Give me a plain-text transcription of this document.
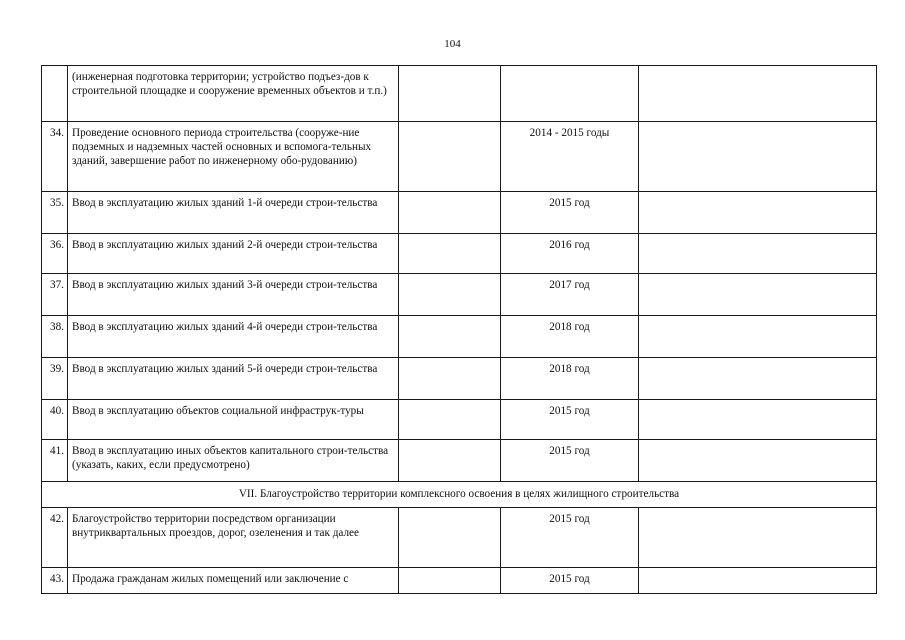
104
	(инженерная подготовка территории; устройство подъез-дов к строительной площадке и сооружение временных объектов и т.п.)			
34.	Проведение основного периода строительства (сооруже-ние подземных и надземных частей основных и вспомога-тельных зданий, завершение работ по инженерному обо-рудованию)		2014 - 2015 годы	
35.	Ввод в эксплуатацию жилых зданий 1-й очереди строи-тельства		2015 год	
36.	Ввод в эксплуатацию жилых зданий 2-й очереди строи-тельства		2016 год	
37.	Ввод в эксплуатацию жилых зданий 3-й очереди строи-тельства		2017 год	
38.	Ввод в эксплуатацию жилых зданий 4-й очереди строи-тельства		2018 год	
39.	Ввод в эксплуатацию жилых зданий 5-й очереди строи-тельства		2018 год	
40.	Ввод в эксплуатацию объектов социальной инфраструк-туры		2015 год	
41.	Ввод в эксплуатацию иных объектов капитального строи-тельства (указать, каких, если предусмотрено)		2015 год	
VII. Благоустройство территории комплексного освоения в целях жилищного строительства				
42.	Благоустройство территории посредством организации внутриквартальных проездов, дорог, озеленения и так далее		2015 год	
43.	Продажа гражданам жилых помещений или заключение с		2015 год	
